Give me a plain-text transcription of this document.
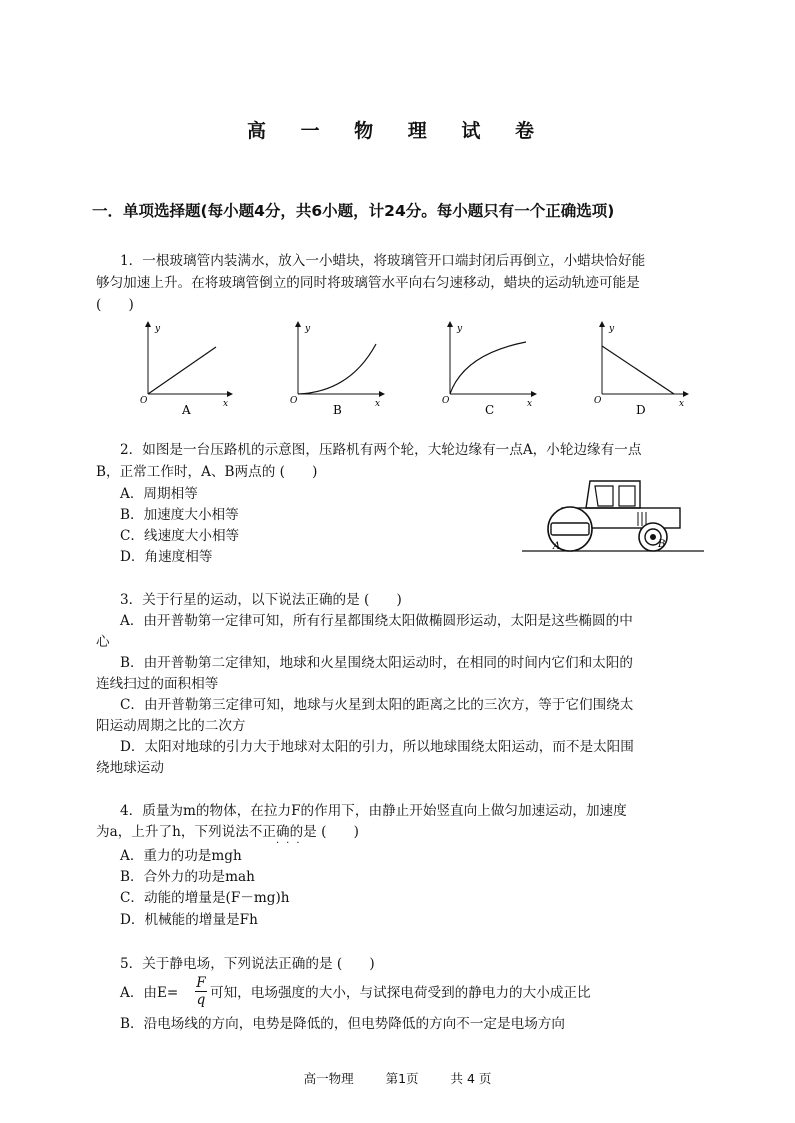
高 一 物 理 试 卷
一．单项选择题(每小题4分，共6小题，计24分。每小题只有一个正确选项)
1．一根玻璃管内装满水，放入一小蜡块，将玻璃管开口端封闭后再倒立，小蜡块恰好能
够匀加速上升。在将玻璃管倒立的同时将玻璃管水平向右匀速移动，蜡块的运动轨迹可能是
(　　)
y
O	x
A
y
O	x
B
y
O	x
C
y
O	x
D
2．如图是一台压路机的示意图，压路机有两个轮，大轮边缘有一点A，小轮边缘有一点
B，正常工作时，A、B两点的 (　　)
A．周期相等
B．加速度大小相等
C．线速度大小相等
D．角速度相等
A	B
3．关于行星的运动，以下说法正确的是 (　　)
A．由开普勒第一定律可知，所有行星都围绕太阳做椭圆形运动，太阳是这些椭圆的中
心
B．由开普勒第二定律知，地球和火星围绕太阳运动时，在相同的时间内它们和太阳的
连线扫过的面积相等
C．由开普勒第三定律可知，地球与火星到太阳的距离之比的三次方，等于它们围绕太
阳运动周期之比的二次方
D．太阳对地球的引力大于地球对太阳的引力，所以地球围绕太阳运动，而不是太阳围
绕地球运动
4．质量为m的物体，在拉力F的作用下，由静止开始竖直向上做匀加速运动，加速度
为a，上升了h，下列说法不正确的是 (　　)
···
A．重力的功是mgh
B．合外力的功是mah
C．动能的增量是(F－mg)h
D．机械能的增量是Fh
5．关于静电场，下列说法正确的是 (　　)
A．由E=
F
q 可知，电场强度的大小，与试探电荷受到的静电力的大小成正比
B．沿电场线的方向，电势是降低的，但电势降低的方向不一定是电场方向
高一物理	第1页	共 4 页
